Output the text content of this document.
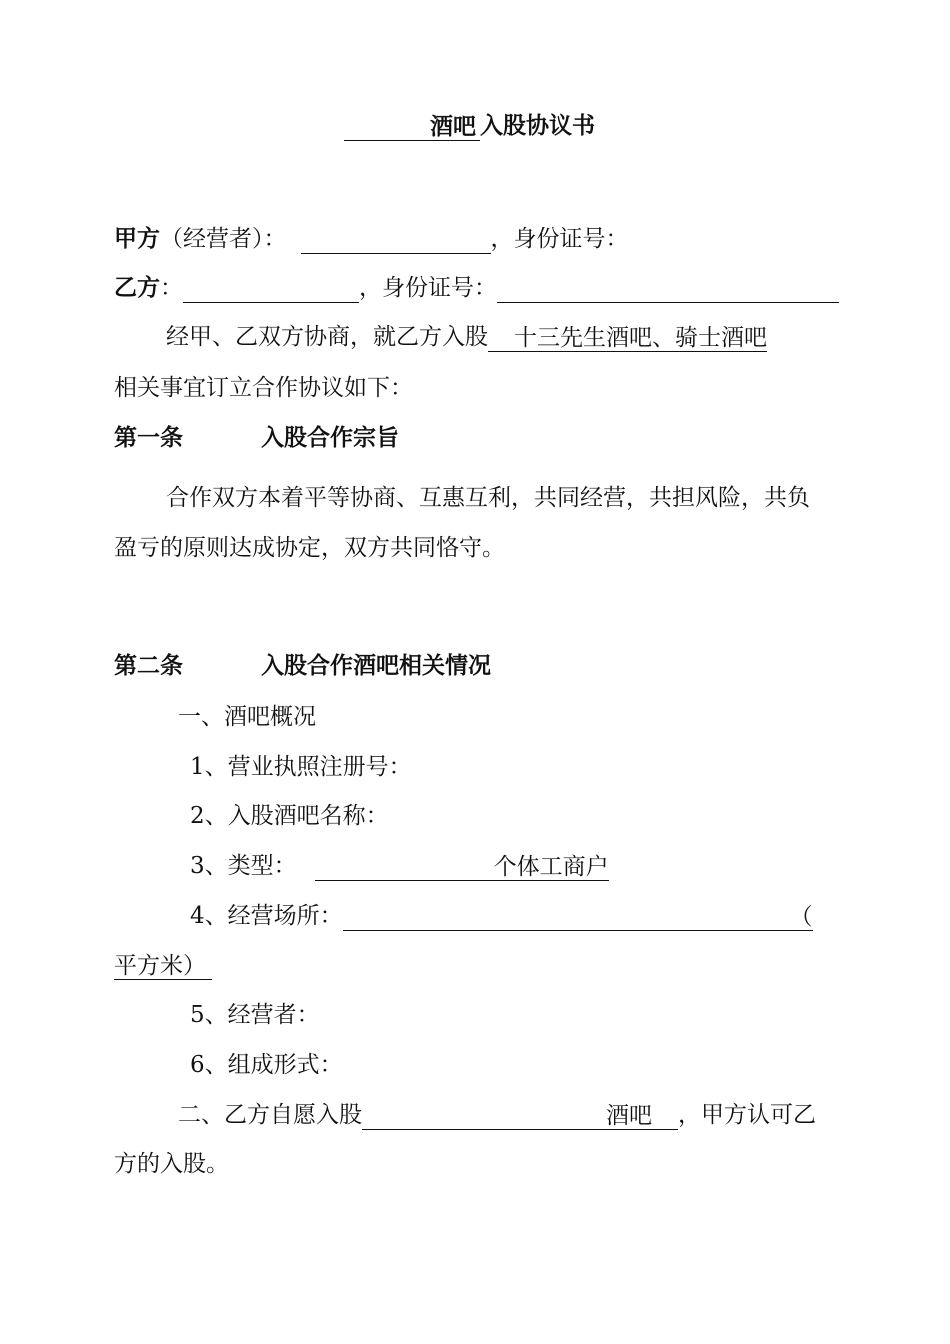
酒吧 入股协议书
甲方（经营者）：	，身份证号：
乙方：	，身份证号：
经甲、乙双方协商，就乙方入股 十三先生酒吧、骑士酒吧
相关事宜订立合作协议如下：
第一条	入股合作宗旨
合作双方本着平等协商、互惠互利，共同经营，共担风险，共负
盈亏的原则达成协定，双方共同恪守。
第二条	入股合作酒吧相关情况
一、酒吧概况
1、营业执照注册号：
2、入股酒吧名称：
3、类型：	个体工商户
4、经营场所：	（
平方米）
5、经营者：
6、组成形式：
二、乙方自愿入股	酒吧 ，甲方认可乙
方的入股。
